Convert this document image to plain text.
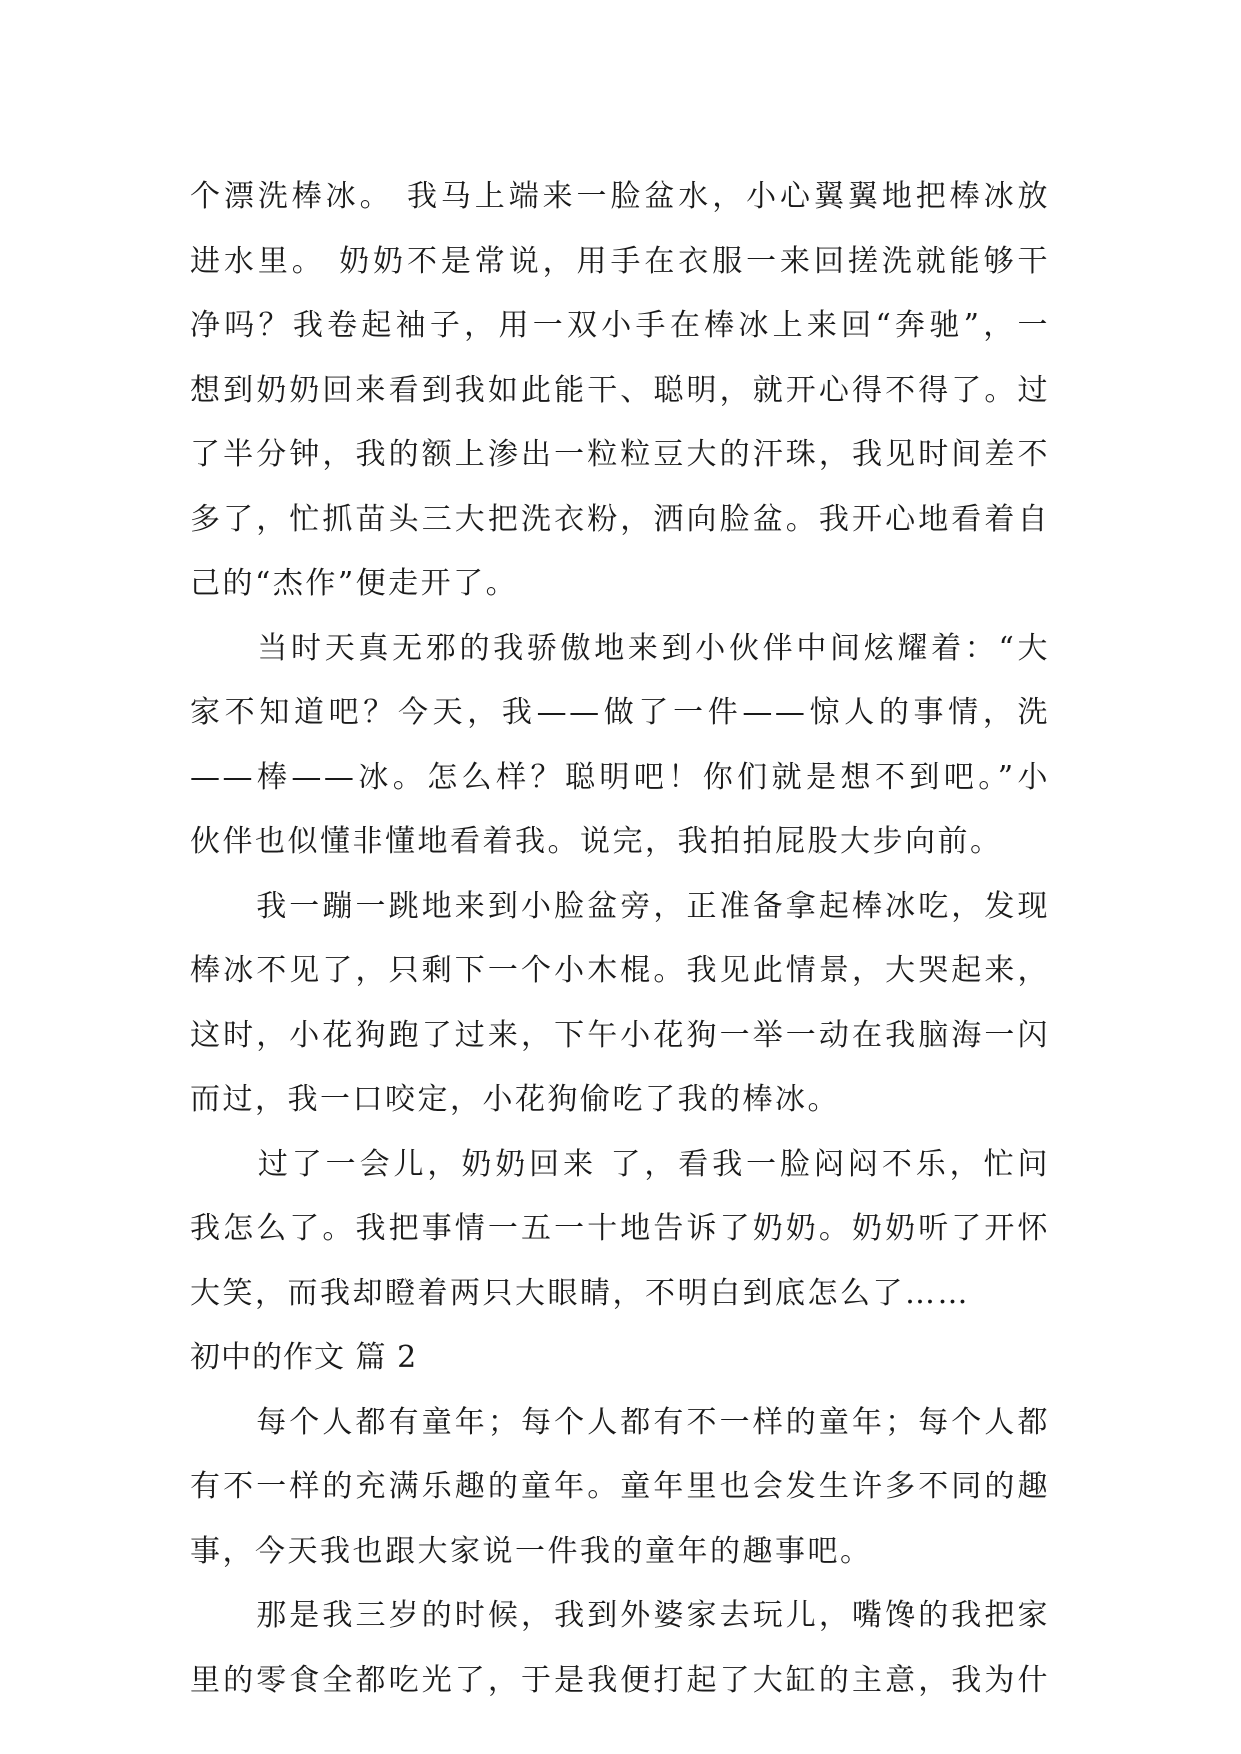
个漂洗棒冰。 我马上端来一脸盆水，小心翼翼地把棒冰放
进水里。 奶奶不是常说，用手在衣服一来回搓洗就能够干
净吗？我卷起袖子，用一双小手在棒冰上来回“奔驰”，一
想到奶奶回来看到我如此能干、聪明，就开心得不得了。过
了半分钟，我的额上渗出一粒粒豆大的汗珠，我见时间差不
多了，忙抓苗头三大把洗衣粉，洒向脸盆。我开心地看着自
己的“杰作”便走开了。
　　当时天真无邪的我骄傲地来到小伙伴中间炫耀着：“大
家不知道吧？今天，我——做了一件——惊人的事情，洗
——棒——冰。怎么样？聪明吧！你们就是想不到吧。”小
伙伴也似懂非懂地看着我。说完，我拍拍屁股大步向前。
　　我一蹦一跳地来到小脸盆旁，正准备拿起棒冰吃，发现
棒冰不见了，只剩下一个小木棍。我见此情景，大哭起来，
这时，小花狗跑了过来，下午小花狗一举一动在我脑海一闪
而过，我一口咬定，小花狗偷吃了我的棒冰。
　　过了一会儿，奶奶回来 了，看我一脸闷闷不乐，忙问
我怎么了。我把事情一五一十地告诉了奶奶。奶奶听了开怀
大笑，而我却瞪着两只大眼睛，不明白到底怎么了……
初中的作文 篇 2
　　每个人都有童年；每个人都有不一样的童年；每个人都
有不一样的充满乐趣的童年。童年里也会发生许多不同的趣
事，今天我也跟大家说一件我的童年的趣事吧。
　　那是我三岁的时候，我到外婆家去玩儿，嘴馋的我把家
里的零食全都吃光了，于是我便打起了大缸的主意，我为什
